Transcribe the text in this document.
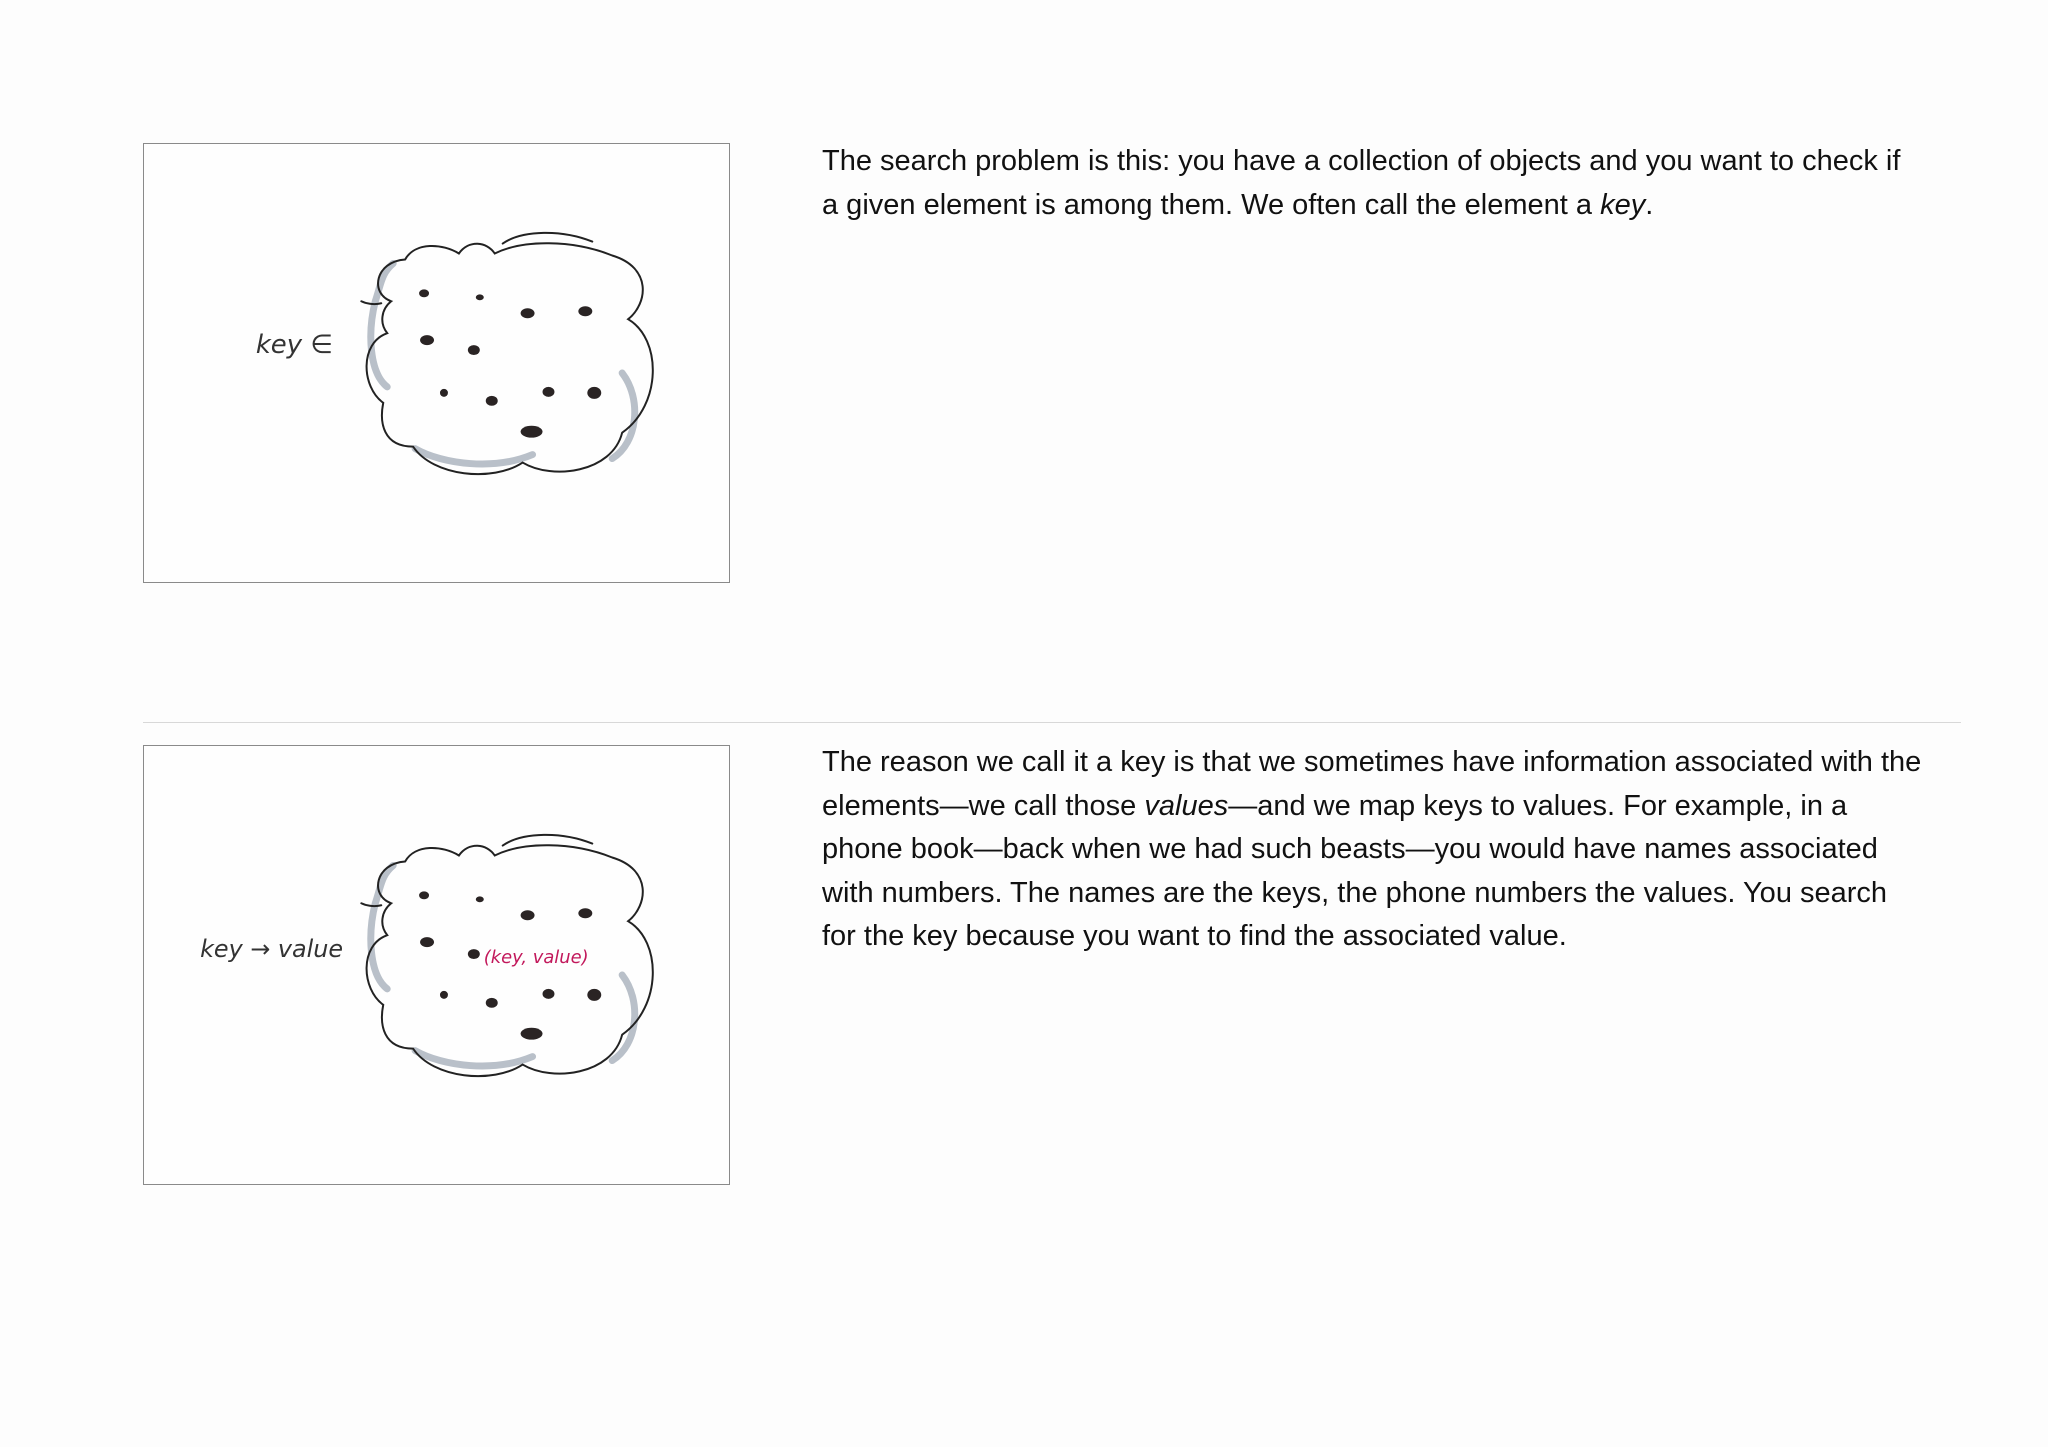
key ∈

The search problem is this: you have a collection of objects and you want to check if a given element is among them. We often call the element a key.

(key, value)
key → value

The reason we call it a key is that we sometimes have information associated with the elements—we call those values—and we map keys to values. For example, in a phone book—back when we had such beasts—you would have names associated with numbers. The names are the keys, the phone numbers the values. You search for the key because you want to find the associated value.
